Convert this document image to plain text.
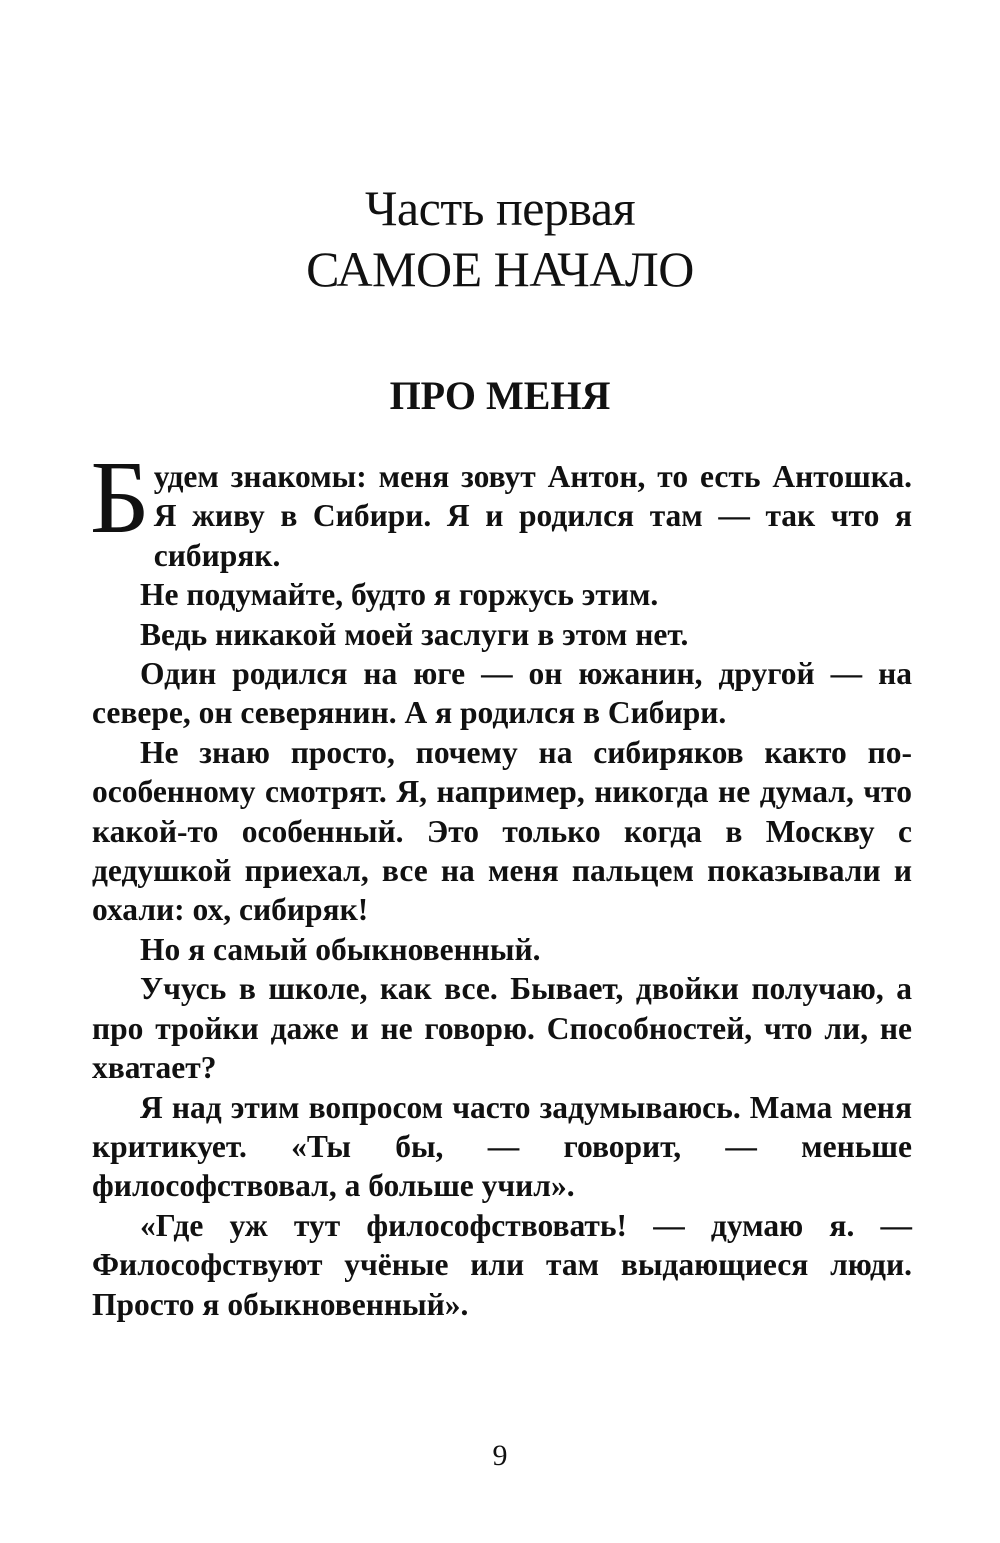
Часть первая
САМОЕ НАЧАЛО
ПРО МЕНЯ

Будем знакомы: меня зовут Антон, то есть Антошка. Я живу в Сибири. Я и родился там — так что я сибиряк.

Не подумайте, будто я горжусь этим.

Ведь никакой моей заслуги в этом нет.

Один родился на юге — он южанин, другой — на севере, он северянин. А я родился в Сибири.

Не знаю просто, почему на сибиряков както по-особенному смотрят. Я, например, никогда не думал, что какой-то особенный. Это только когда в Москву с дедушкой приехал, все на меня пальцем показывали и охали: ох, сибиряк!

Но я самый обыкновенный.

Учусь в школе, как все. Бывает, двойки получаю, а про тройки даже и не говорю. Способностей, что ли, не хватает?

Я над этим вопросом часто задумываюсь. Мама меня критикует. «Ты бы, — говорит, — меньше философствовал, а больше учил».

«Где уж тут философствовать! — думаю я. — Философствуют учёные или там выдающиеся люди. Просто я обыкновенный».

9
